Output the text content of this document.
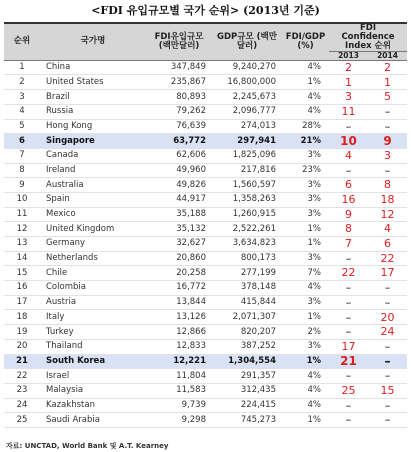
<FDI 유입규모별 국가 순위> (2013년 기준)
순위	국가명	FDI유입규모 (백만달러)	GDP규모 (백만달러)	FDI/GDP (%)	FDI Confidence Index 순위	
					2013	2014
1	China	347,849	9,240,270	4%	2	2
2	United States	235,867	16,800,000	1%	1	1
3	Brazil	80,893	2,245,673	4%	3	5
4	Russia	79,262	2,096,777	4%	11	–
5	Hong Kong	76,639	274,013	28%	–	–
6	Singapore	63,772	297,941	21%	10	9
7	Canada	62,606	1,825,096	3%	4	3
8	Ireland	49,960	217,816	23%	–	–
9	Australia	49,826	1,560,597	3%	6	8
10	Spain	44,917	1,358,263	3%	16	18
11	Mexico	35,188	1,260,915	3%	9	12
12	United Kingdom	35,132	2,522,261	1%	8	4
13	Germany	32,627	3,634,823	1%	7	6
14	Netherlands	20,860	800,173	3%	–	22
15	Chile	20,258	277,199	7%	22	17
16	Colombia	16,772	378,148	4%	–	–
17	Austria	13,844	415,844	3%	–	–
18	Italy	13,126	2,071,307	1%	–	20
19	Turkey	12,866	820,207	2%	–	24
20	Thailand	12,833	387,252	3%	17	–
21	South Korea	12,221	1,304,554	1%	21	–
22	Israel	11,804	291,357	4%	–	–
23	Malaysia	11,583	312,435	4%	25	15
24	Kazakhstan	9,739	224,415	4%	–	–
25	Saudi Arabia	9,298	745,273	1%	–	–
자료: UNCTAD, World Bank 및 A.T. Kearney
